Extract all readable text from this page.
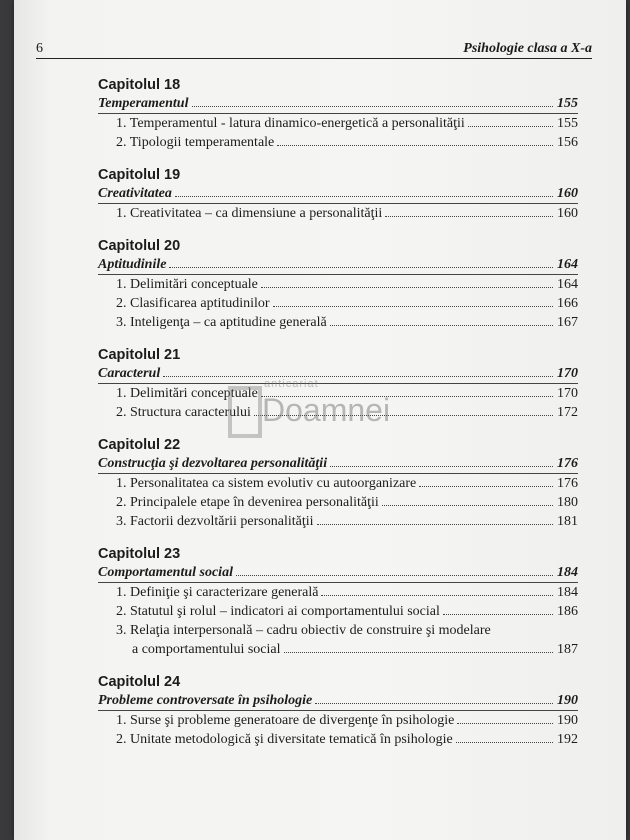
6	Psihologie clasa a X-a
Capitolul 18
Temperamentul	155
1. Temperamentul - latura dinamico-energetică a personalităţii	155
2. Tipologii temperamentale	156
Capitolul 19
Creativitatea	160
1. Creativitatea – ca dimensiune a personalităţii	160
Capitolul 20
Aptitudinile	164
1. Delimitări conceptuale	164
2. Clasificarea aptitudinilor	166
3. Inteligenţa – ca aptitudine generală	167
Capitolul 21
Caracterul	170
1. Delimitări conceptuale	170
2. Structura caracterului	172
Capitolul 22
Construcţia şi dezvoltarea personalităţii	176
1. Personalitatea ca sistem evolutiv cu autoorganizare	176
2. Principalele etape în devenirea personalităţii	180
3. Factorii dezvoltării personalităţii	181
Capitolul 23
Comportamentul social	184
1. Definiţie şi caracterizare generală	184
2. Statutul şi rolul – indicatori ai comportamentului social	186
3. Relaţia interpersonală – cadru obiectiv de construire şi modelare
a comportamentului social	187
Capitolul 24
Probleme controversate în psihologie	190
1. Surse şi probleme generatoare de divergenţe în psihologie	190
2. Unitate metodologică şi diversitate tematică în psihologie	192
anticariat
Doamnei
